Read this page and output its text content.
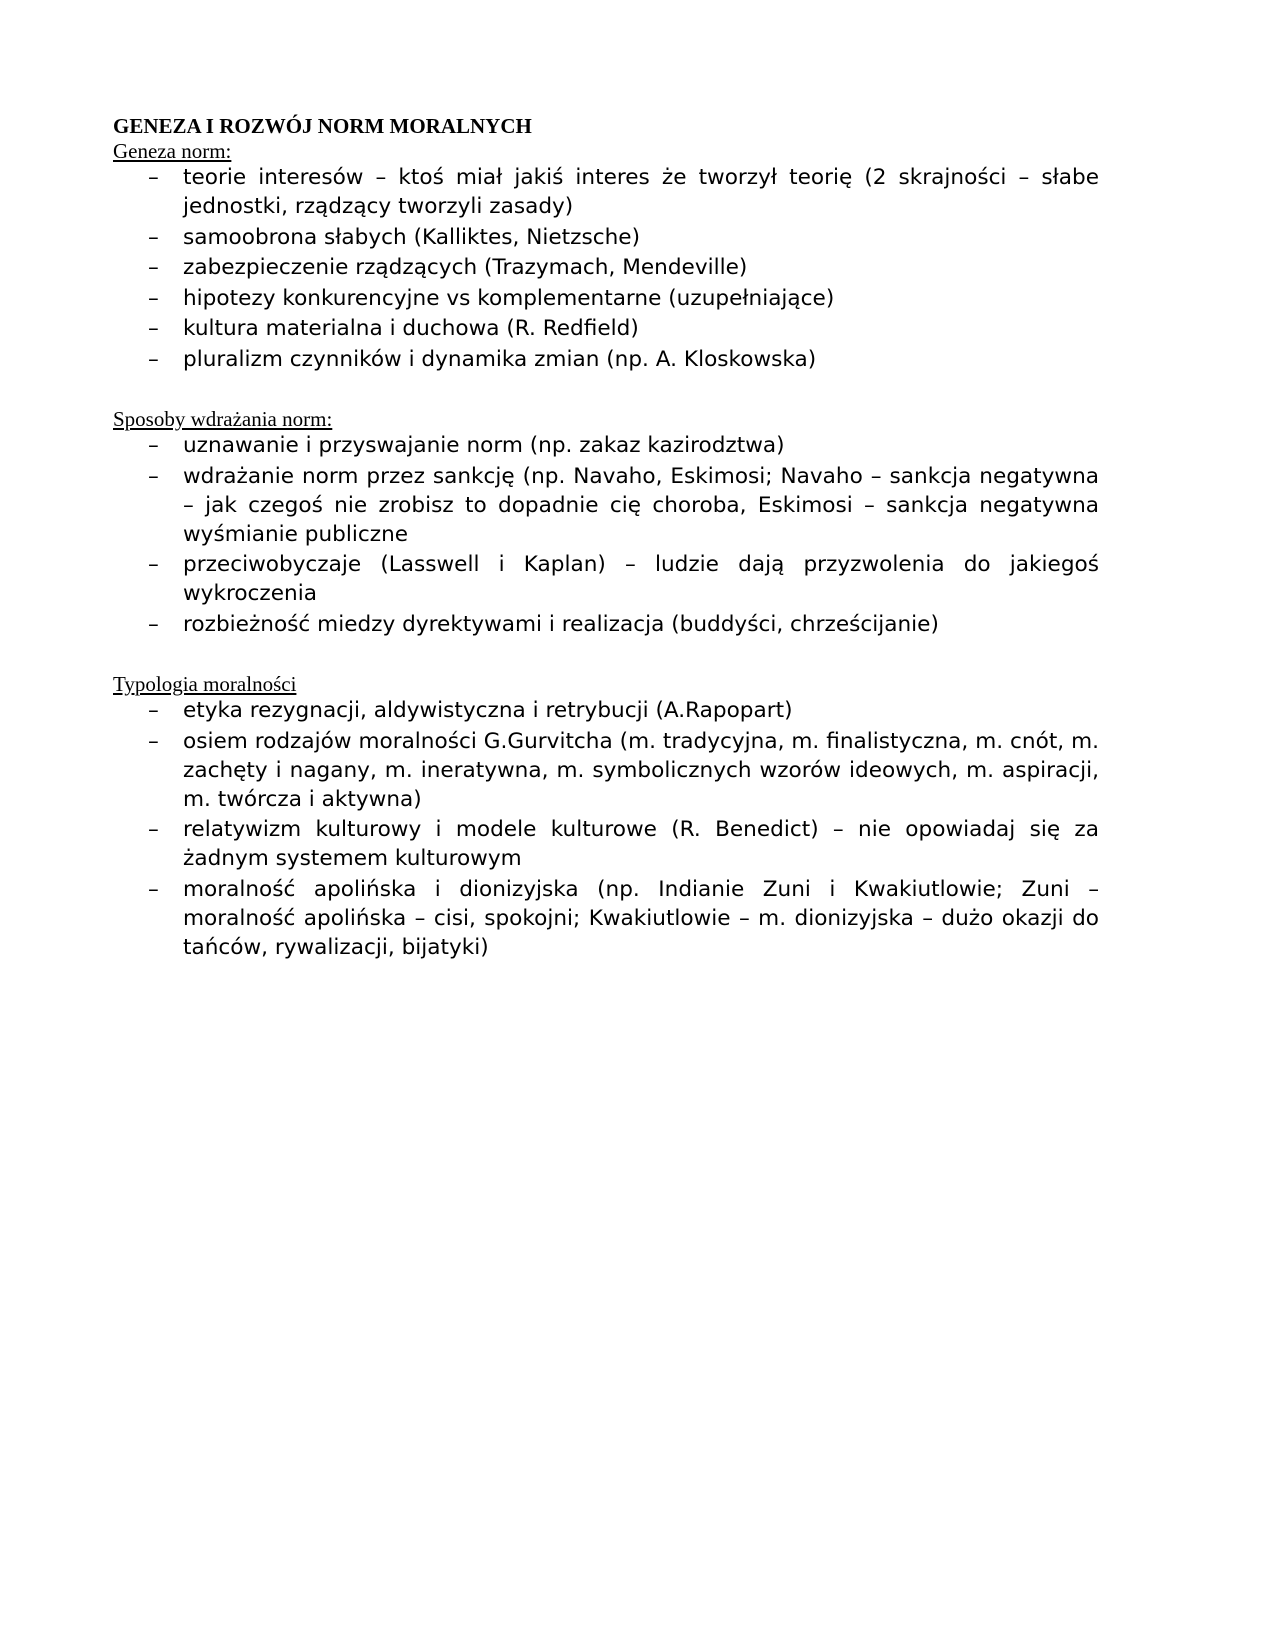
GENEZA I ROZWÓJ NORM MORALNYCH

Geneza norm:

– teorie interesów – ktoś miał jakiś interes że tworzył teorię (2 skrajności – słabe jednostki, rządzący tworzyli zasady)
– samoobrona słabych (Kalliktes, Nietzsche)
– zabezpieczenie rządzących (Trazymach, Mendeville)
– hipotezy konkurencyjne vs komplementarne (uzupełniające)
– kultura materialna i duchowa (R. Redfield)
– pluralizm czynników i dynamika zmian (np. A. Kloskowska)

Sposoby wdrażania norm:

– uznawanie i przyswajanie norm (np. zakaz kazirodztwa)
– wdrażanie norm przez sankcję (np. Navaho, Eskimosi; Navaho – sankcja negatywna – jak czegoś nie zrobisz to dopadnie cię choroba, Eskimosi – sankcja negatywna wyśmianie publiczne
– przeciwobyczaje (Lasswell i Kaplan) – ludzie dają przyzwolenia do jakiegoś wykroczenia
– rozbieżność miedzy dyrektywami i realizacja (buddyści, chrześcijanie)

Typologia moralności

– etyka rezygnacji, aldywistyczna i retrybucji (A.Rapopart)
– osiem rodzajów moralności G.Gurvitcha (m. tradycyjna, m. finalistyczna, m. cnót, m. zachęty i nagany, m. ineratywna, m. symbolicznych wzorów ideowych, m. aspiracji, m. twórcza i aktywna)
– relatywizm kulturowy i modele kulturowe (R. Benedict) – nie opowiadaj się za żadnym systemem kulturowym
– moralność apolińska i dionizyjska (np. Indianie Zuni i Kwakiutlowie; Zuni – moralność apolińska – cisi, spokojni; Kwakiutlowie – m. dionizyjska – dużo okazji do tańców, rywalizacji, bijatyki)
